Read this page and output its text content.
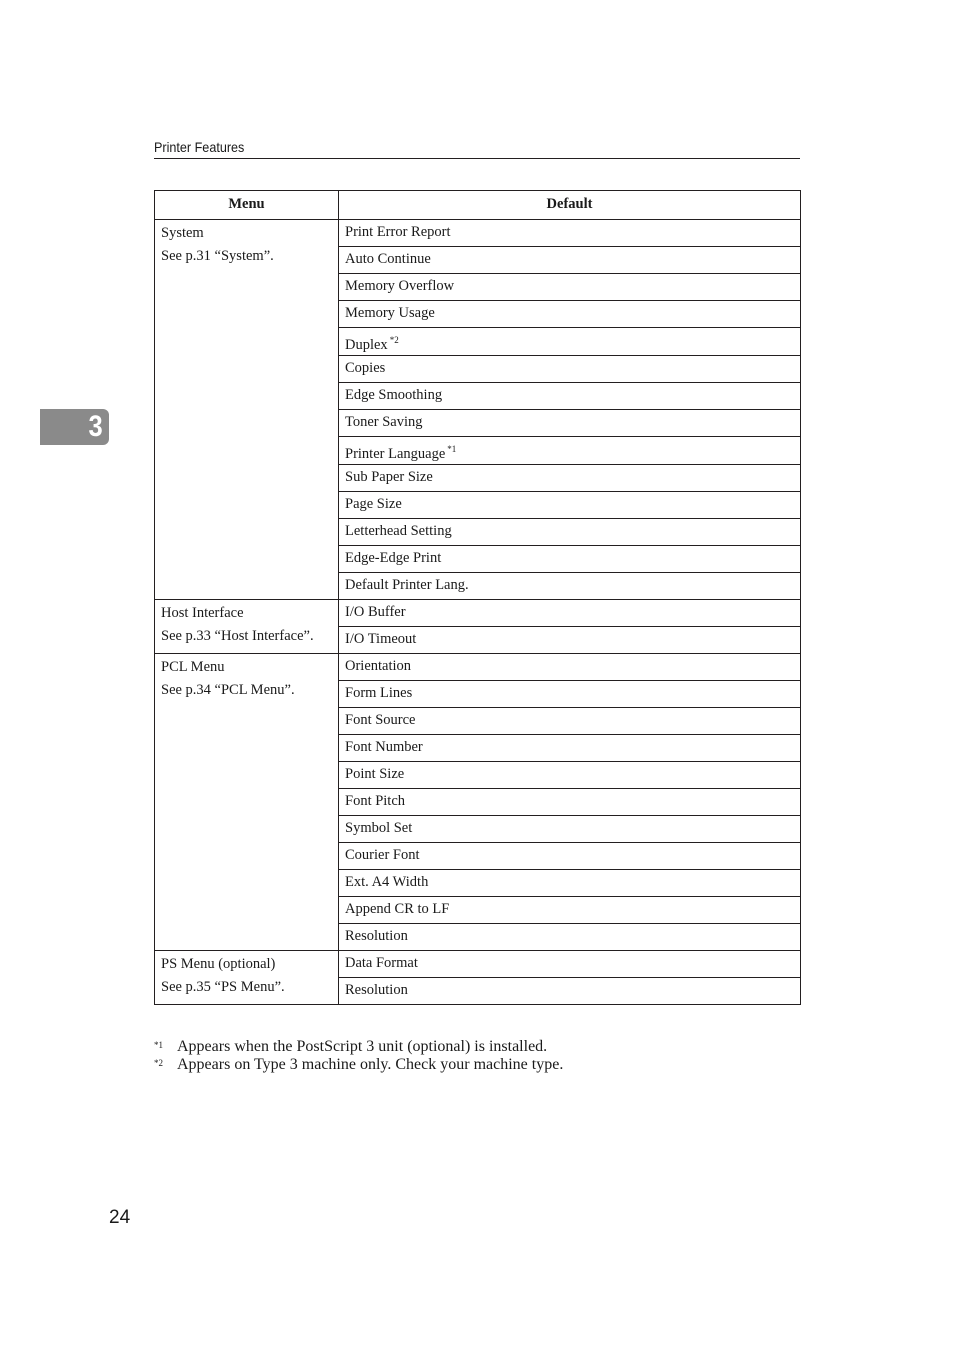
Printer Features
3
Menu	Default

System
See p.31 “System”.	Print Error Report
	Auto Continue
	Memory Overflow
	Memory Usage
	Duplex $^{*2}$
	Copies
	Edge Smoothing
	Toner Saving
	Printer Language $^{*1}$
	Sub Paper Size
	Page Size
	Letterhead Setting
	Edge-Edge Print
	Default Printer Lang.

Host Interface
See p.33 “Host Interface”.	I/O Buffer
	I/O Timeout

PCL Menu
See p.34 “PCL Menu”.	Orientation
	Form Lines
	Font Source
	Font Number
	Point Size
	Font Pitch
	Symbol Set
	Courier Font
	Ext. A4 Width
	Append CR to LF
	Resolution

PS Menu (optional)
See p.35 “PS Menu”.	Data Format
	Resolution
*1 Appears when the PostScript 3 unit (optional) is installed.
*2 Appears on Type 3 machine only. Check your machine type.
24
